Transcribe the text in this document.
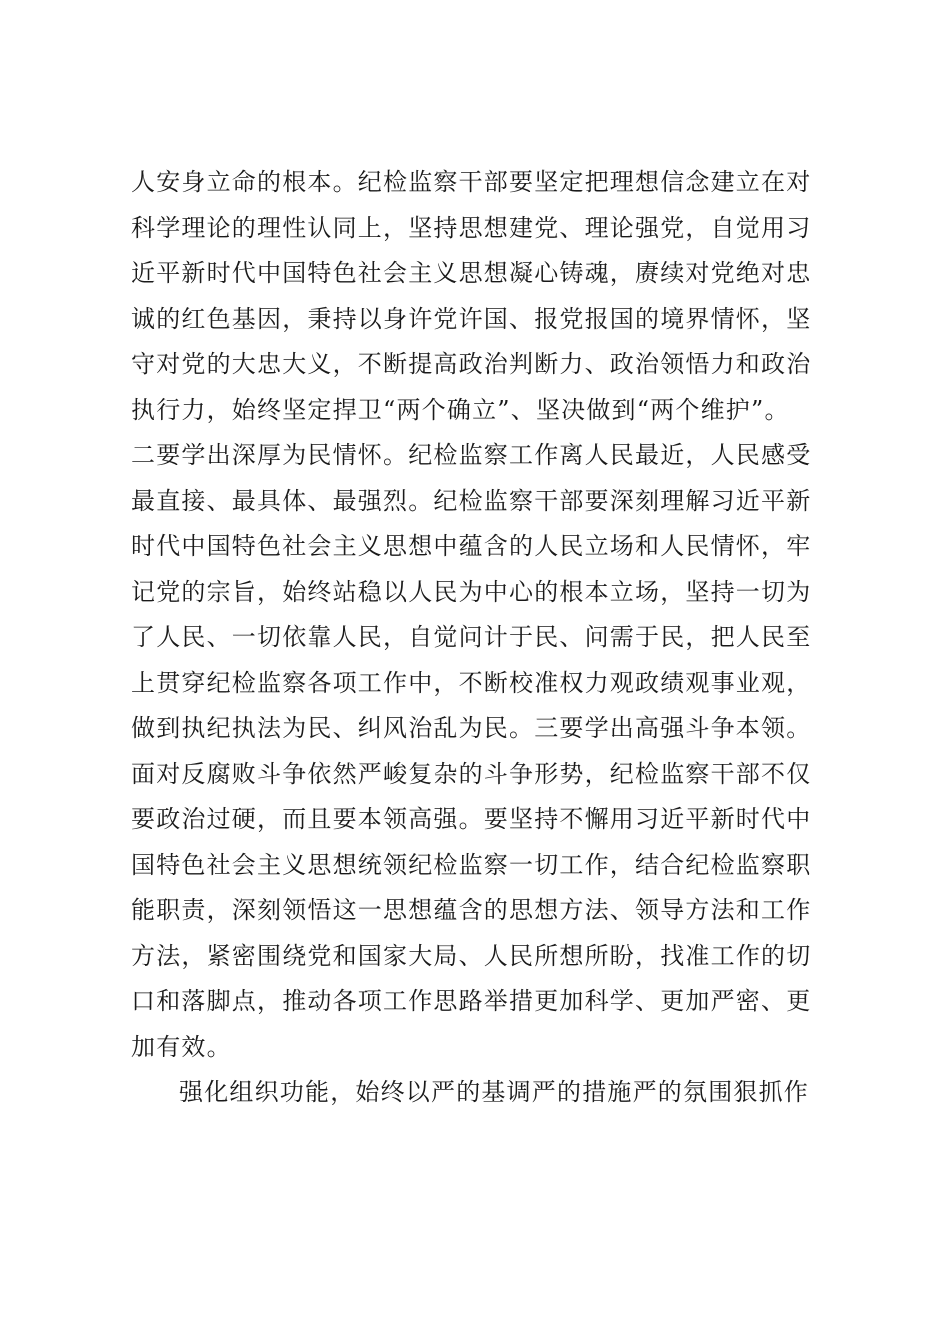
人安身立命的根本。纪检监察干部要坚定把理想信念建立在对
科学理论的理性认同上，坚持思想建党、理论强党，自觉用习
近平新时代中国特色社会主义思想凝心铸魂，赓续对党绝对忠
诚的红色基因，秉持以身许党许国、报党报国的境界情怀，坚
守对党的大忠大义，不断提高政治判断力、政治领悟力和政治
执行力，始终坚定捍卫“两个确立”、坚决做到“两个维护”。
二要学出深厚为民情怀。纪检监察工作离人民最近，人民感受
最直接、最具体、最强烈。纪检监察干部要深刻理解习近平新
时代中国特色社会主义思想中蕴含的人民立场和人民情怀，牢
记党的宗旨，始终站稳以人民为中心的根本立场，坚持一切为
了人民、一切依靠人民，自觉问计于民、问需于民，把人民至
上贯穿纪检监察各项工作中，不断校准权力观政绩观事业观，
做到执纪执法为民、纠风治乱为民。三要学出高强斗争本领。
面对反腐败斗争依然严峻复杂的斗争形势，纪检监察干部不仅
要政治过硬，而且要本领高强。要坚持不懈用习近平新时代中
国特色社会主义思想统领纪检监察一切工作，结合纪检监察职
能职责，深刻领悟这一思想蕴含的思想方法、领导方法和工作
方法，紧密围绕党和国家大局、人民所想所盼，找准工作的切
口和落脚点，推动各项工作思路举措更加科学、更加严密、更
加有效。
强化组织功能，始终以严的基调严的措施严的氛围狠抓作
